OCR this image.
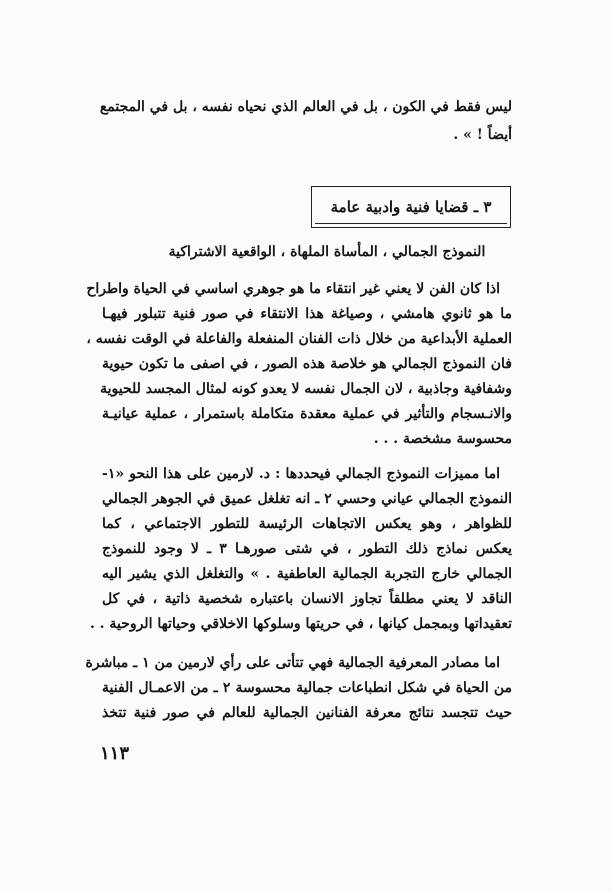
ليس فقط في الكون ، بل في العالم الذي نحياه نفسه ، بل في المجتمع
أيضاً ! » .
٣ ـ قضايا فنية وادبية عامة
النموذج الجمالي ، المأساة الملهاة ، الواقعية الاشتراكية
اذا كان الفن لا يعني غير انتقاء ما هو جوهري اساسي في الحياة واطراح
ما هو ثانوي هامشي ، وصياغة هذا الانتقاء في صور فنية تتبلور فيهـا
العملية الأبداعية من خلال ذات الفنان المنفعلة والفاعلة في الوقت نفسه ،
فان النموذج الجمالي هو خلاصة هذه الصور ، في اصفى ما تكون حيوية
وشفافية وجاذبية ، لان الجمال نفسه لا يعدو كونه لمثال المجسد للحيوية
والانـسجام والتأثير في عملية معقدة متكاملة باستمرار ، عملية عيانيـة
محسوسة مشخصة . . .
اما مميزات النموذج الجمالي فيحددها : د. لارمين على هذا النحو «١-
النموذج الجمالي عياني وحسي ٢ ـ انه تغلغل عميق في الجوهر الجمالي
للظواهر ، وهو يعكس الاتجاهات الرئيسة للتطور الاجتماعي ، كما
يعكس نماذج ذلك التطور ، في شتى صورهـا ٣ ـ لا وجود للنموذج
الجمالي خارج التجربة الجمالية العاطفية . » والتغلغل الذي يشير اليه
الناقد لا يعني مطلقاً تجاوز الانسان باعتباره شخصية ذاتية ، في كل
تعقيداتها وبمجمل كيانها ، في حريتها وسلوكها الاخلاقي وحياتها الروحية . .
اما مصادر المعرفية الجمالية فهي تتأتى على رأي لارمين من ١ ـ مباشرة
من الحياة في شكل انطباعات جمالية محسوسة ٢ ـ من الاعمـال الفنية
حيث تتجسد نتائج معرفة الفنانين الجمالية للعالم في صور فنية تتخذ
١١٣
